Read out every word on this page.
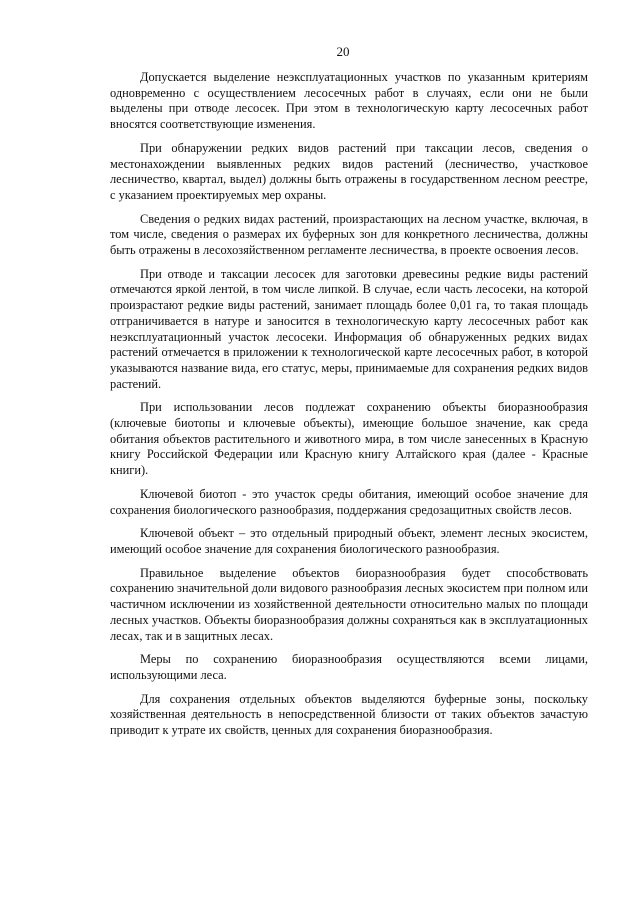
20

Допускается выделение неэксплуатационных участков по указанным критериям одновременно с осуществлением лесосечных работ в случаях, если они не были выделены при отводе лесосек. При этом в технологическую карту лесосечных работ вносятся соответствующие изменения.

При обнаружении редких видов растений при таксации лесов, сведения о местонахождении выявленных редких видов растений (лесничество, участковое лесничество, квартал, выдел) должны быть отражены в государственном лесном реестре, с указанием проектируемых мер охраны.

Сведения о редких видах растений, произрастающих на лесном участке, включая, в том числе, сведения о размерах их буферных зон для конкретного лесничества, должны быть отражены в лесохозяйственном регламенте лесничества, в проекте освоения лесов.

При отводе и таксации лесосек для заготовки древесины редкие виды растений отмечаются яркой лентой, в том числе липкой. В случае, если часть лесосеки, на которой произрастают редкие виды растений, занимает площадь более 0,01 га, то такая площадь отграничивается в натуре и заносится в технологическую карту лесосечных работ как неэксплуатационный участок лесосеки. Информация об обнаруженных редких видах растений отмечается в приложении к технологической карте лесосечных работ, в которой указываются название вида, его статус, меры, принимаемые для сохранения редких видов растений.

При использовании лесов подлежат сохранению объекты биоразнообразия (ключевые биотопы и ключевые объекты), имеющие большое значение, как среда обитания объектов растительного и животного мира, в том числе занесенных в Красную книгу Российской Федерации или Красную книгу Алтайского края (далее - Красные книги).

Ключевой биотоп - это участок среды обитания, имеющий особое значение для сохранения биологического разнообразия, поддержания средозащитных свойств лесов.

Ключевой объект – это отдельный природный объект, элемент лесных экосистем, имеющий особое значение для сохранения биологического разнообразия.

Правильное выделение объектов биоразнообразия будет способствовать сохранению значительной доли видового разнообразия лесных экосистем при полном или частичном исключении из хозяйственной деятельности относительно малых по площади лесных участков. Объекты биоразнообразия должны сохраняться как в эксплуатационных лесах, так и в защитных лесах.

Меры по сохранению биоразнообразия осуществляются всеми лицами, использующими леса.

Для сохранения отдельных объектов выделяются буферные зоны, поскольку хозяйственная деятельность в непосредственной близости от таких объектов зачастую приводит к утрате их свойств, ценных для сохранения биоразнообразия.
